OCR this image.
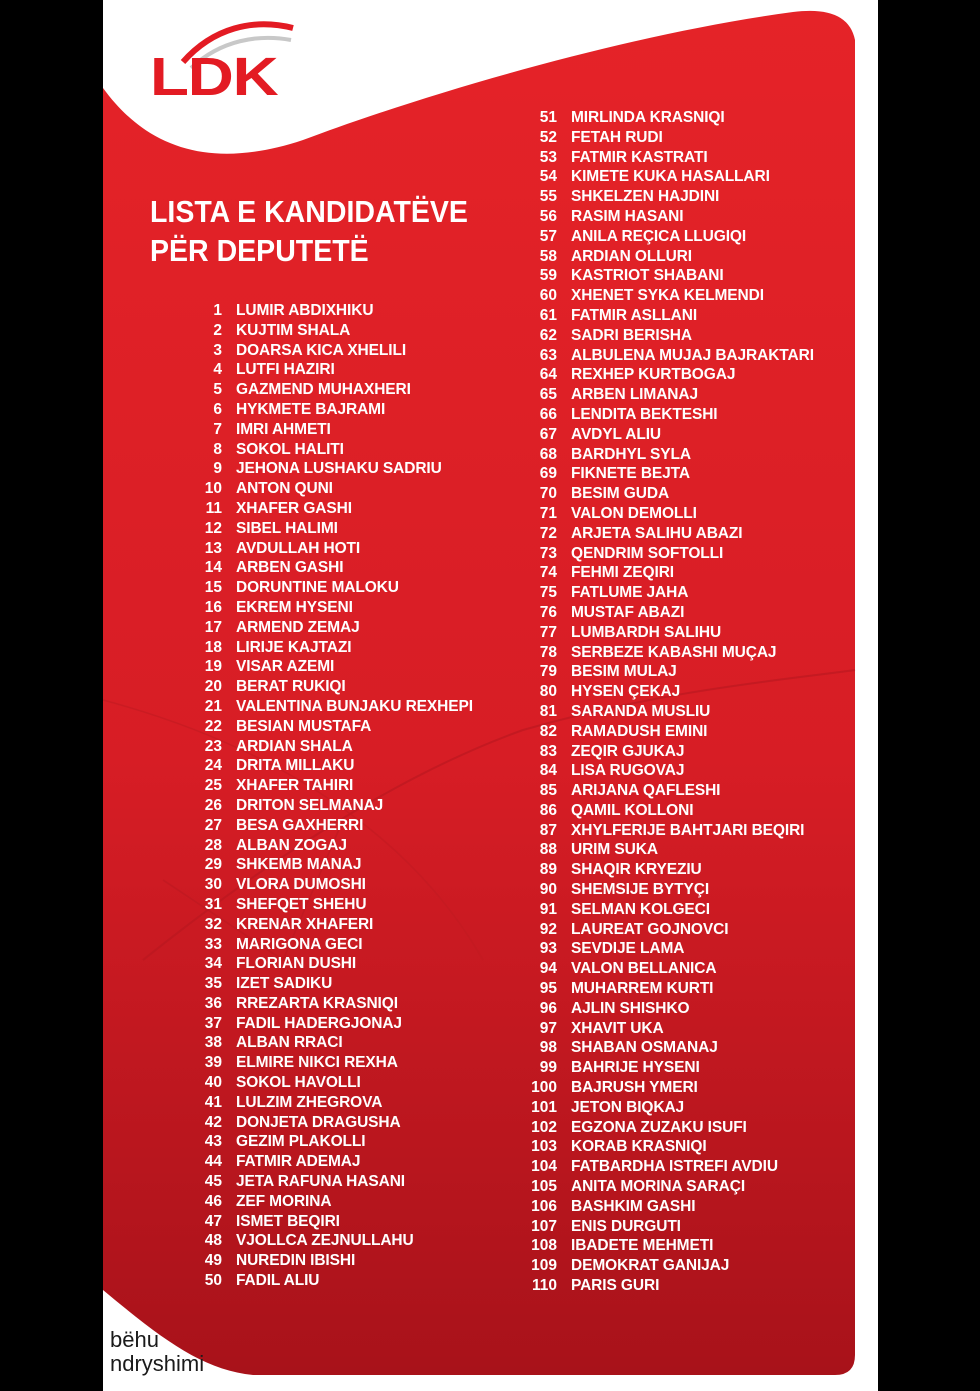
LDK
LISTA E KANDIDATËVE
PËR DEPUTETË
1 LUMIR ABDIXHIKU
2 KUJTIM SHALA
3 DOARSA KICA XHELILI
4 LUTFI HAZIRI
5 GAZMEND MUHAXHERI
6 HYKMETE BAJRAMI
7 IMRI AHMETI
8 SOKOL HALITI
9 JEHONA LUSHAKU SADRIU
10 ANTON QUNI
11 XHAFER GASHI
12 SIBEL HALIMI
13 AVDULLAH HOTI
14 ARBEN GASHI
15 DORUNTINE MALOKU
16 EKREM HYSENI
17 ARMEND ZEMAJ
18 LIRIJE KAJTAZI
19 VISAR AZEMI
20 BERAT RUKIQI
21 VALENTINA BUNJAKU REXHEPI
22 BESIAN MUSTAFA
23 ARDIAN SHALA
24 DRITA MILLAKU
25 XHAFER TAHIRI
26 DRITON SELMANAJ
27 BESA GAXHERRI
28 ALBAN ZOGAJ
29 SHKEMB MANAJ
30 VLORA DUMOSHI
31 SHEFQET SHEHU
32 KRENAR XHAFERI
33 MARIGONA GECI
34 FLORIAN DUSHI
35 IZET SADIKU
36 RREZARTA KRASNIQI
37 FADIL HADERGJONAJ
38 ALBAN RRACI
39 ELMIRE NIKCI REXHA
40 SOKOL HAVOLLI
41 LULZIM ZHEGROVA
42 DONJETA DRAGUSHA
43 GEZIM PLAKOLLI
44 FATMIR ADEMAJ
45 JETA RAFUNA HASANI
46 ZEF MORINA
47 ISMET BEQIRI
48 VJOLLCA ZEJNULLAHU
49 NUREDIN IBISHI
50 FADIL ALIU
51 MIRLINDA KRASNIQI
52 FETAH RUDI
53 FATMIR KASTRATI
54 KIMETE KUKA HASALLARI
55 SHKELZEN HAJDINI
56 RASIM HASANI
57 ANILA REÇICA LLUGIQI
58 ARDIAN OLLURI
59 KASTRIOT SHABANI
60 XHENET SYKA KELMENDI
61 FATMIR ASLLANI
62 SADRI BERISHA
63 ALBULENA MUJAJ BAJRAKTARI
64 REXHEP KURTBOGAJ
65 ARBEN LIMANAJ
66 LENDITA BEKTESHI
67 AVDYL ALIU
68 BARDHYL SYLA
69 FIKNETE BEJTA
70 BESIM GUDA
71 VALON DEMOLLI
72 ARJETA SALIHU ABAZI
73 QENDRIM SOFTOLLI
74 FEHMI ZEQIRI
75 FATLUME JAHA
76 MUSTAF ABAZI
77 LUMBARDH SALIHU
78 SERBEZE KABASHI MUÇAJ
79 BESIM MULAJ
80 HYSEN ÇEKAJ
81 SARANDA MUSLIU
82 RAMADUSH EMINI
83 ZEQIR GJUKAJ
84 LISA RUGOVAJ
85 ARIJANA QAFLESHI
86 QAMIL KOLLONI
87 XHYLFERIJE BAHTJARI BEQIRI
88 URIM SUKA
89 SHAQIR KRYEZIU
90 SHEMSIJE BYTYÇI
91 SELMAN KOLGECI
92 LAUREAT GOJNOVCI
93 SEVDIJE LAMA
94 VALON BELLANICA
95 MUHARREM KURTI
96 AJLIN SHISHKO
97 XHAVIT UKA
98 SHABAN OSMANAJ
99 BAHRIJE HYSENI
100 BAJRUSH YMERI
101 JETON BIQKAJ
102 EGZONA ZUZAKU ISUFI
103 KORAB KRASNIQI
104 FATBARDHA ISTREFI AVDIU
105 ANITA MORINA SARAÇI
106 BASHKIM GASHI
107 ENIS DURGUTI
108 IBADETE MEHMETI
109 DEMOKRAT GANIJAJ
110 PARIS GURI

bëhu
ndryshimi
